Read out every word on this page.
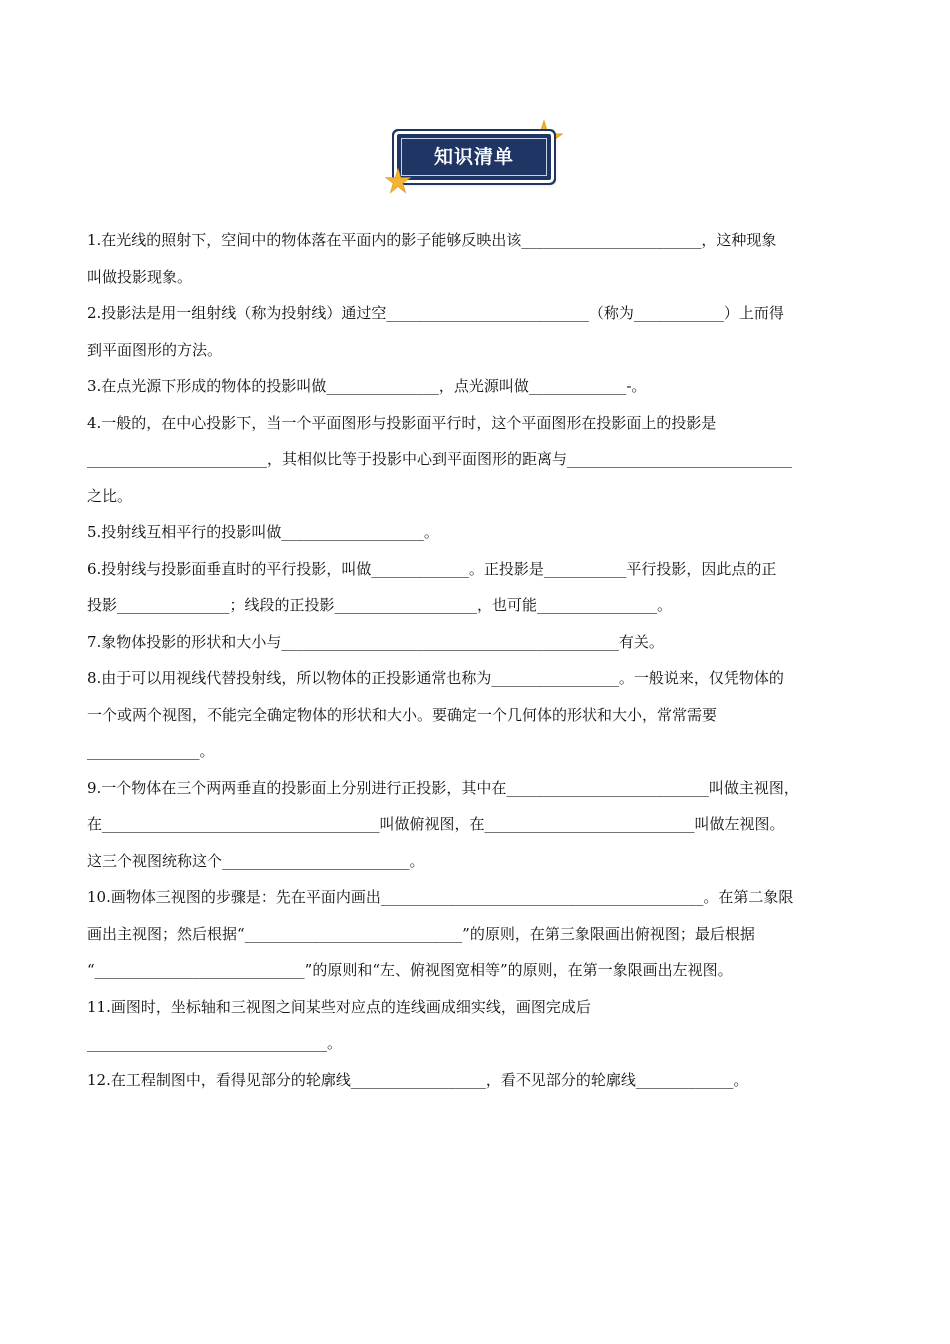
知识清单
1.在光线的照射下，空间中的物体落在平面内的影子能够反映出该________________________，这种现象
叫做投影现象。
2.投影法是用一组射线（称为投射线）通过空___________________________（称为____________）上而得
到平面图形的方法。
3.在点光源下形成的物体的投影叫做_______________，点光源叫做_____________-。
4.一般的，在中心投影下，当一个平面图形与投影面平行时，这个平面图形在投影面上的投影是
________________________，其相似比等于投影中心到平面图形的距离与______________________________
之比。
5.投射线互相平行的投影叫做___________________。
6.投射线与投影面垂直时的平行投影，叫做_____________。正投影是___________平行投影，因此点的正
投影_______________；线段的正投影___________________，也可能________________。
7.象物体投影的形状和大小与_____________________________________________有关。
8.由于可以用视线代替投射线，所以物体的正投影通常也称为_________________。一般说来，仅凭物体的
一个或两个视图，不能完全确定物体的形状和大小。要确定一个几何体的形状和大小，常常需要
_______________。
9.一个物体在三个两两垂直的投影面上分别进行正投影，其中在___________________________叫做主视图，
在_____________________________________叫做俯视图，在____________________________叫做左视图。
这三个视图统称这个_________________________。
10.画物体三视图的步骤是：先在平面内画出___________________________________________。在第二象限
画出主视图；然后根据“_____________________________”的原则，在第三象限画出俯视图；最后根据
“____________________________”的原则和“左、俯视图宽相等”的原则，在第一象限画出左视图。
11.画图时，坐标轴和三视图之间某些对应点的连线画成细实线，画图完成后
________________________________。
12.在工程制图中，看得见部分的轮廓线__________________，看不见部分的轮廓线_____________。
